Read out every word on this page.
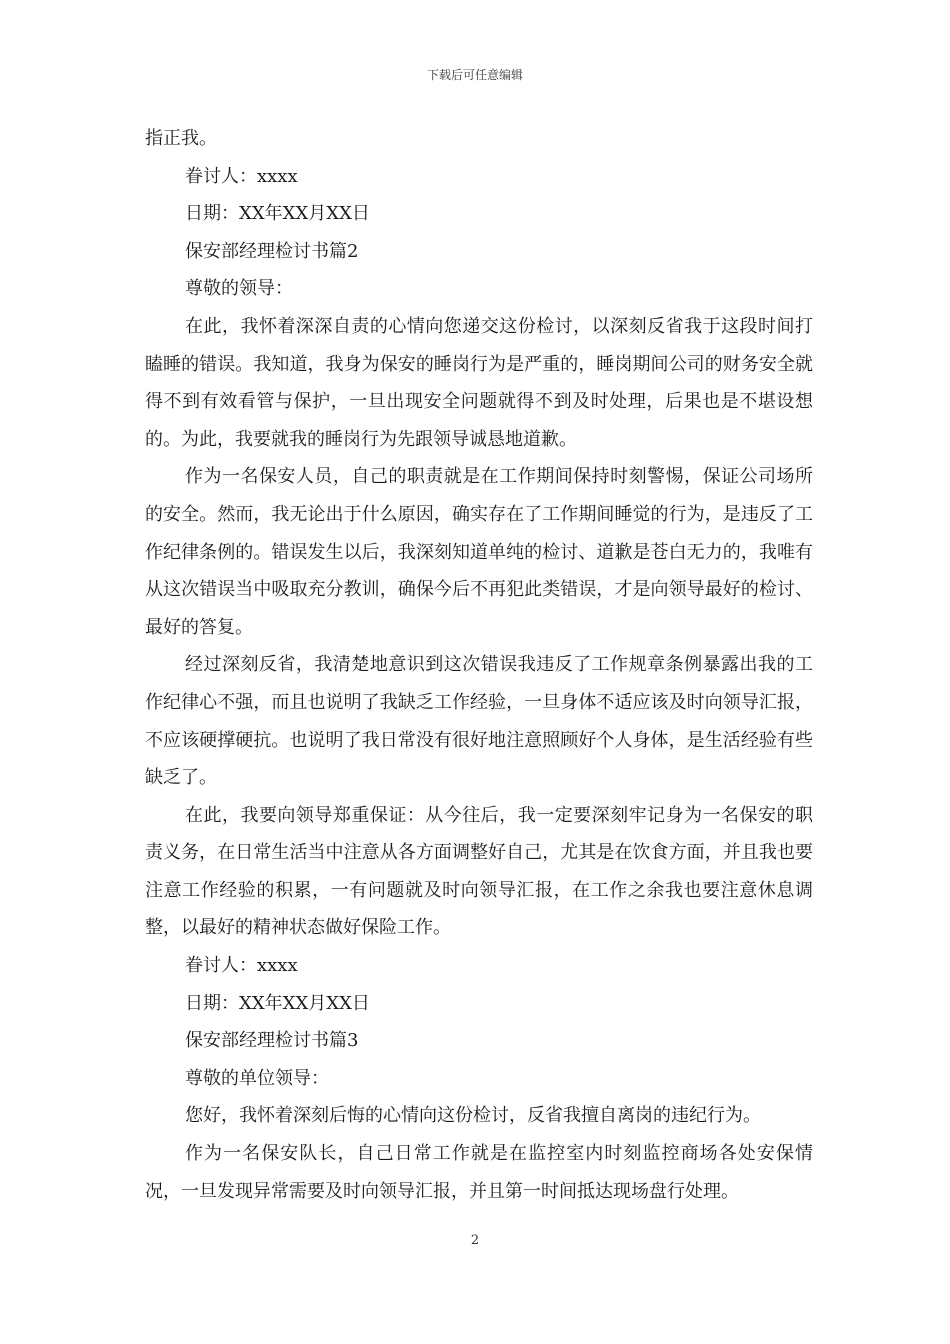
下载后可任意编辑
指正我。
眷讨人：xxxx
日期：XX年XX月XX日
保安部经理检讨书篇2
尊敬的领导：
在此，我怀着深深自责的心情向您递交这份检讨，以深刻反省我于这段时间打瞌睡的错误。我知道，我身为保安的睡岗行为是严重的，睡岗期间公司的财务安全就得不到有效看管与保护，一旦出现安全问题就得不到及时处理，后果也是不堪设想的。为此，我要就我的睡岗行为先跟领导诚恳地道歉。
作为一名保安人员，自己的职责就是在工作期间保持时刻警惕，保证公司场所的安全。然而，我无论出于什么原因，确实存在了工作期间睡觉的行为，是违反了工作纪律条例的。错误发生以后，我深刻知道单纯的检讨、道歉是苍白无力的，我唯有从这次错误当中吸取充分教训，确保今后不再犯此类错误，才是向领导最好的检讨、最好的答复。
经过深刻反省，我清楚地意识到这次错误我违反了工作规章条例暴露出我的工作纪律心不强，而且也说明了我缺乏工作经验，一旦身体不适应该及时向领导汇报，不应该硬撑硬抗。也说明了我日常没有很好地注意照顾好个人身体，是生活经验有些缺乏了。
在此，我要向领导郑重保证：从今往后，我一定要深刻牢记身为一名保安的职责义务，在日常生活当中注意从各方面调整好自己，尤其是在饮食方面，并且我也要注意工作经验的积累，一有问题就及时向领导汇报，在工作之余我也要注意休息调整，以最好的精神状态做好保险工作。
眷讨人：xxxx
日期：XX年XX月XX日
保安部经理检讨书篇3
尊敬的单位领导：
您好，我怀着深刻后悔的心情向这份检讨，反省我擅自离岗的违纪行为。
作为一名保安队长，自己日常工作就是在监控室内时刻监控商场各处安保情况，一旦发现异常需要及时向领导汇报，并且第一时间抵达现场盘行处理。
2
